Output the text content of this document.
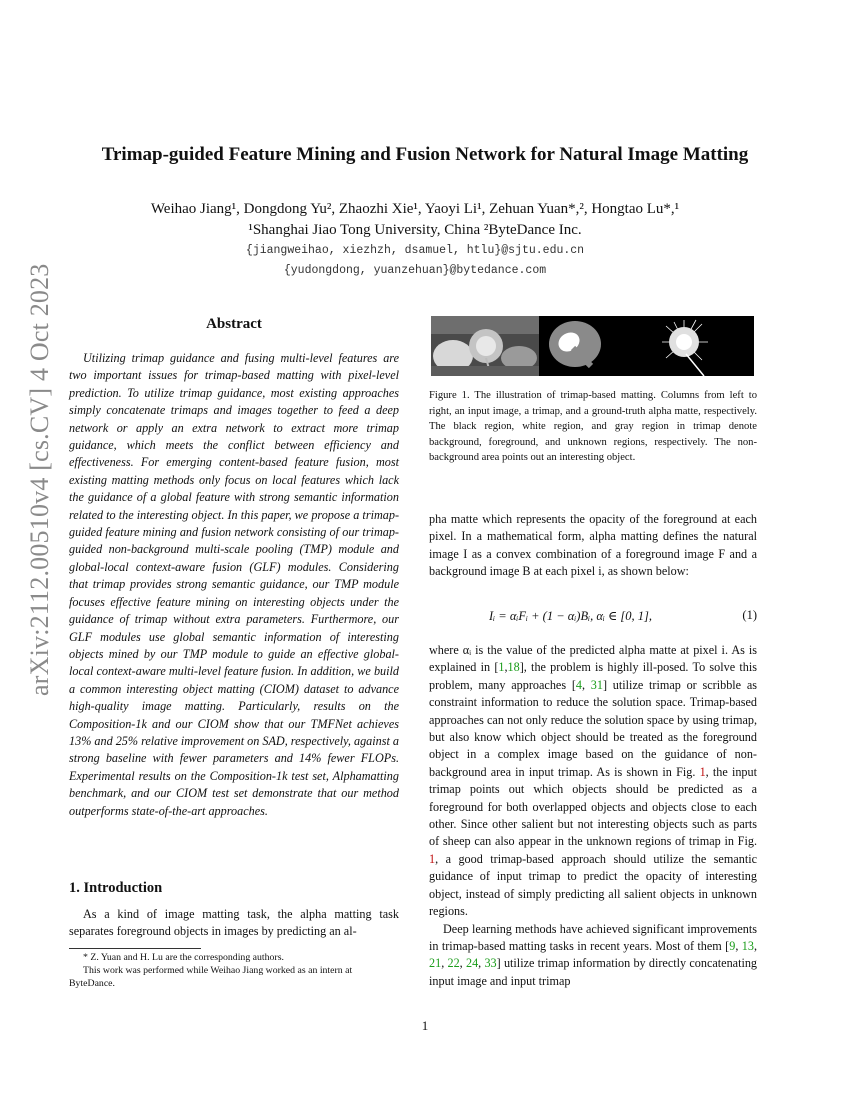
arXiv:2112.00510v4 [cs.CV] 4 Oct 2023
Trimap-guided Feature Mining and Fusion Network for Natural Image Matting
Weihao Jiang¹, Dongdong Yu², Zhaozhi Xie¹, Yaoyi Li¹, Zehuan Yuan*,², Hongtao Lu*,¹
¹Shanghai Jiao Tong University, China ²ByteDance Inc.
{jiangweihao, xiezhzh, dsamuel, htlu}@sjtu.edu.cn
{yudongdong, yuanzehuan}@bytedance.com
Abstract
Utilizing trimap guidance and fusing multi-level features are two important issues for trimap-based matting with pixel-level prediction. To utilize trimap guidance, most existing approaches simply concatenate trimaps and images together to feed a deep network or apply an extra network to extract more trimap guidance, which meets the conflict between efficiency and effectiveness. For emerging content-based feature fusion, most existing matting methods only focus on local features which lack the guidance of a global feature with strong semantic information related to the interesting object. In this paper, we propose a trimap-guided feature mining and fusion network consisting of our trimap-guided non-background multi-scale pooling (TMP) module and global-local context-aware fusion (GLF) modules. Considering that trimap provides strong semantic guidance, our TMP module focuses effective feature mining on interesting objects under the guidance of trimap without extra parameters. Furthermore, our GLF modules use global semantic information of interesting objects mined by our TMP module to guide an effective global-local context-aware multi-level feature fusion. In addition, we build a common interesting object matting (CIOM) dataset to advance high-quality image matting. Particularly, results on the Composition-1k and our CIOM show that our TMFNet achieves 13% and 25% relative improvement on SAD, respectively, against a strong baseline with fewer parameters and 14% fewer FLOPs. Experimental results on the Composition-1k test set, Alphamatting benchmark, and our CIOM test set demonstrate that our method outperforms state-of-the-art approaches.
1. Introduction
As a kind of image matting task, the alpha matting task separates foreground objects in images by predicting an al-

* Z. Yuan and H. Lu are the corresponding authors.

This work was performed while Weihao Jiang worked as an intern at ByteDance.

Figure 1. The illustration of trimap-based matting. Columns from left to right, an input image, a trimap, and a ground-truth alpha matte, respectively. The black region, white region, and gray region in trimap denote background, foreground, and unknown regions, respectively. The non-background area points out an interesting object.
pha matte which represents the opacity of the foreground at each pixel. In a mathematical form, alpha matting defines the natural image I as a convex combination of a foreground image F and a background image B at each pixel i, as shown below:
Iᵢ = αᵢFᵢ + (1 − αᵢ)Bᵢ, αᵢ ∈ [0, 1],	(1)

where αᵢ is the value of the predicted alpha matte at pixel i. As is explained in [1,18], the problem is highly ill-posed. To solve this problem, many approaches [4, 31] utilize trimap or scribble as constraint information to reduce the solution space. Trimap-based approaches can not only reduce the solution space by using trimap, but also know which object should be treated as the foreground object in a complex image based on the guidance of non-background area in input trimap. As is shown in Fig. 1, the input trimap points out which objects should be predicted as a foreground for both overlapped objects and objects close to each other. Since other salient but not interesting objects such as parts of sheep can also appear in the unknown regions of trimap in Fig. 1, a good trimap-based approach should utilize the semantic guidance of input trimap to predict the opacity of interesting object, instead of simply predicting all salient objects in unknown regions.

Deep learning methods have achieved significant improvements in trimap-based matting tasks in recent years. Most of them [9, 13, 21, 22, 24, 33] utilize trimap information by directly concatenating input image and input trimap

1
